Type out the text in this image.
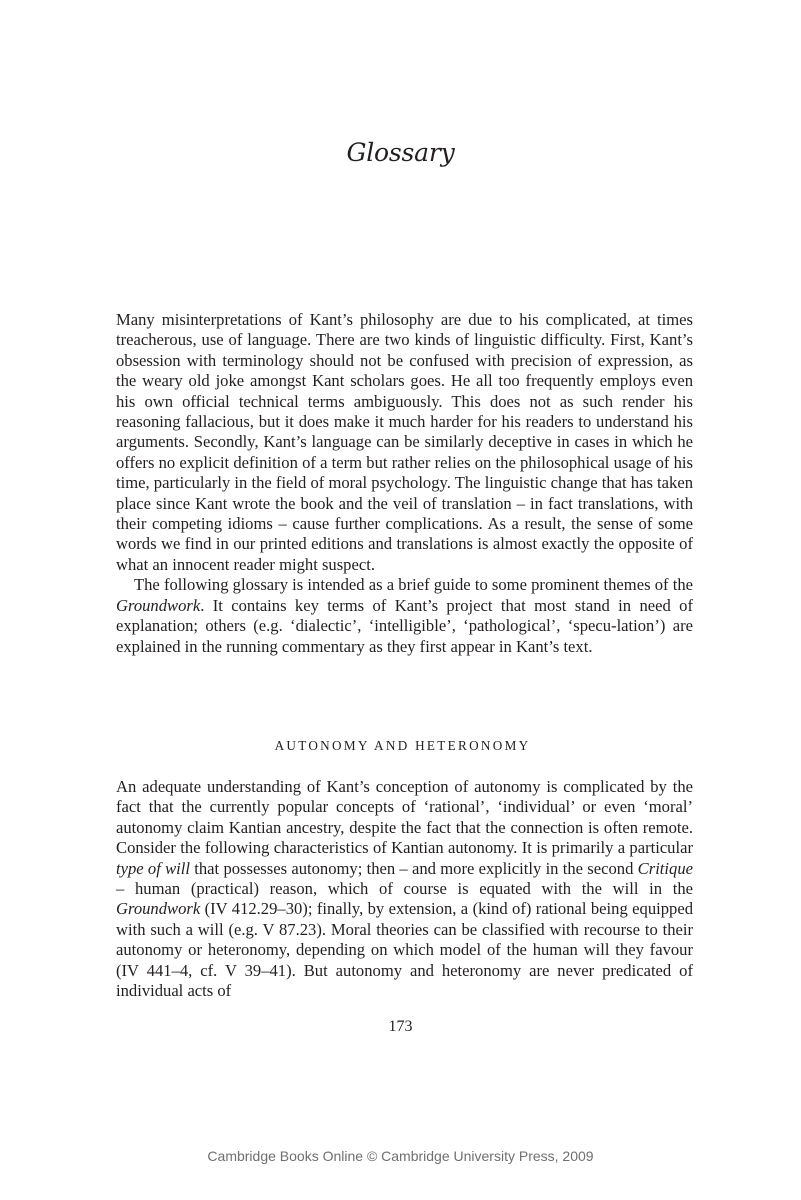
Glossary

Many misinterpretations of Kant’s philosophy are due to his complicated, at times treacherous, use of language. There are two kinds of linguistic difficulty. First, Kant’s obsession with terminology should not be confused with precision of expression, as the weary old joke amongst Kant scholars goes. He all too frequently employs even his own official technical terms ambiguously. This does not as such render his reasoning fallacious, but it does make it much harder for his readers to understand his arguments. Secondly, Kant’s language can be similarly deceptive in cases in which he offers no explicit definition of a term but rather relies on the philosophical usage of his time, particularly in the field of moral psychology. The linguistic change that has taken place since Kant wrote the book and the veil of translation – in fact translations, with their competing idioms – cause further complications. As a result, the sense of some words we find in our printed editions and translations is almost exactly the opposite of what an innocent reader might suspect.

The following glossary is intended as a brief guide to some prominent themes of the Groundwork. It contains key terms of Kant’s project that most stand in need of explanation; others (e.g. ‘dialectic’, ‘intelligible’, ‘pathological’, ‘specu-lation’) are explained in the running commentary as they first appear in Kant’s text.

AUTONOMY AND HETERONOMY

An adequate understanding of Kant’s conception of autonomy is complicated by the fact that the currently popular concepts of ‘rational’, ‘individual’ or even ‘moral’ autonomy claim Kantian ancestry, despite the fact that the connection is often remote. Consider the following characteristics of Kantian autonomy. It is primarily a particular type of will that possesses autonomy; then – and more explicitly in the second Critique – human (practical) reason, which of course is equated with the will in the Groundwork (IV 412.29–30); finally, by extension, a (kind of) rational being equipped with such a will (e.g. V 87.23). Moral theories can be classified with recourse to their autonomy or heteronomy, depending on which model of the human will they favour (IV 441–4, cf. V 39–41). But autonomy and heteronomy are never predicated of individual acts of

173
Cambridge Books Online © Cambridge University Press, 2009
